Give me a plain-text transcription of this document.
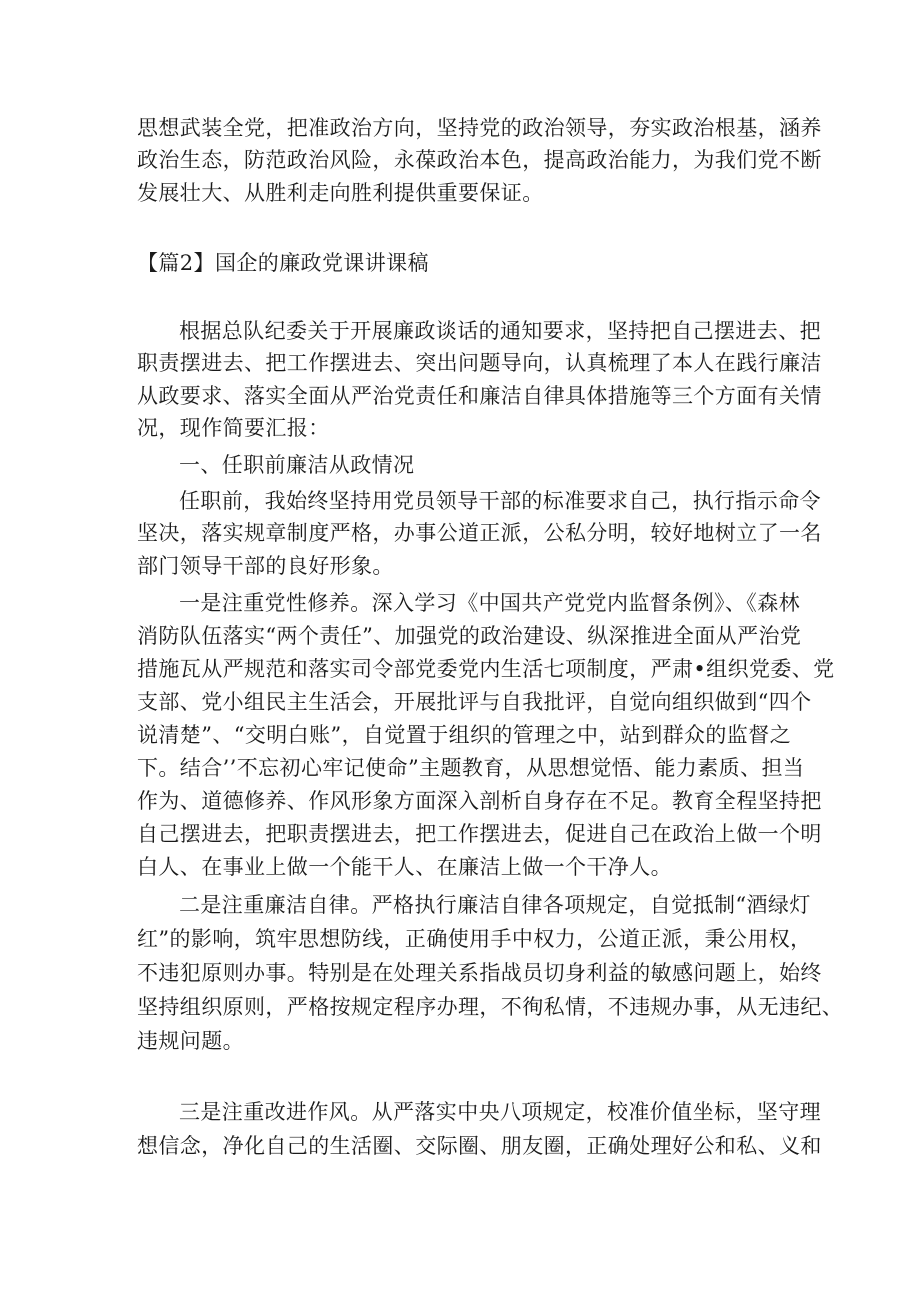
思想武装全党，把准政治方向，坚持党的政治领导，夯实政治根基，涵养
政治生态，防范政治风险，永葆政治本色，提高政治能力，为我们党不断
发展壮大、从胜利走向胜利提供重要保证。
【篇2】国企的廉政党课讲课稿
根据总队纪委关于开展廉政谈话的通知要求，坚持把自己摆进去、把
职责摆进去、把工作摆进去、突出问题导向，认真梳理了本人在践行廉洁
从政要求、落实全面从严治党责任和廉洁自律具体措施等三个方面有关情
况，现作简要汇报：
一、任职前廉洁从政情况
任职前，我始终坚持用党员领导干部的标准要求自己，执行指示命令
坚决，落实规章制度严格，办事公道正派，公私分明，较好地树立了一名
部门领导干部的良好形象。
一是注重党性修养。深入学习《中国共产党党内监督条例》、《森林
消防队伍落实“两个责任”、加强党的政治建设、纵深推进全面从严治党
措施瓦从严规范和落实司令部党委党内生活七项制度，严肃•组织党委、党
支部、党小组民主生活会，开展批评与自我批评，自觉向组织做到“四个
说清楚”、“交明白账”，自觉置于组织的管理之中，站到群众的监督之
下。结合’’不忘初心牢记使命”主题教育，从思想觉悟、能力素质、担当
作为、道德修养、作风形象方面深入剖析自身存在不足。教育全程坚持把
自己摆进去，把职责摆进去，把工作摆进去，促进自己在政治上做一个明
白人、在事业上做一个能干人、在廉洁上做一个干净人。
二是注重廉洁自律。严格执行廉洁自律各项规定，自觉抵制“酒绿灯
红”的影响，筑牢思想防线，正确使用手中权力，公道正派，秉公用权，
不违犯原则办事。特别是在处理关系指战员切身利益的敏感问题上，始终
坚持组织原则，严格按规定程序办理，不徇私情，不违规办事，从无违纪、
违规问题。
三是注重改进作风。从严落实中央八项规定，校准价值坐标，坚守理
想信念，净化自己的生活圈、交际圈、朋友圈，正确处理好公和私、义和
